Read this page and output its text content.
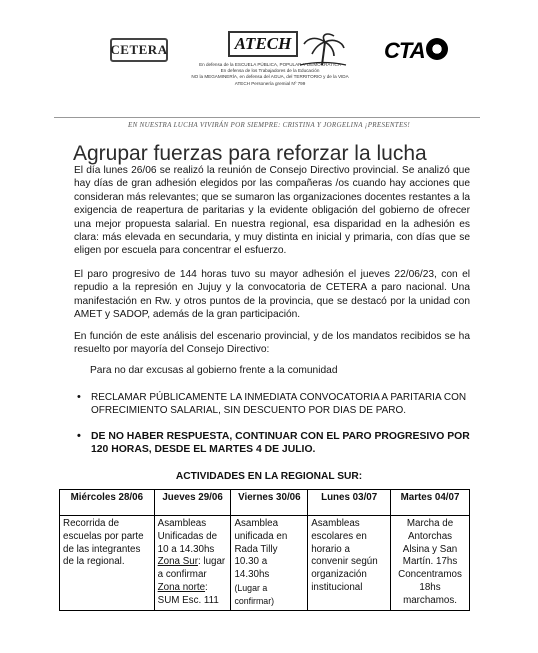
CETERA	ATECH	CTA
En defensa de la ESCUELA PÚBLICA, POPULAR Y DEMOCRÁTICA
En defensa de los Trabajadores de la Educación
NO la MEGAMINERÍA, en defensa del AGUA, del TERRITORIO y de la VIDA
ATECH Personería gremial Nº 799
EN NUESTRA LUCHA VIVIRÁN POR SIEMPRE: CRISTINA Y JORGELINA ¡PRESENTES!
Agrupar fuerzas para reforzar la lucha

El día lunes 26/06 se realizó la reunión de Consejo Directivo provincial. Se analizó que hay días de gran adhesión elegidos por las compañeras /os cuando hay acciones que consideran más relevantes; que se sumaron las organizaciones docentes restantes a la exigencia de reapertura de paritarias y la evidente obligación del gobierno de ofrecer una mejor propuesta salarial. En nuestra regional, esa disparidad en la adhesión es clara: más elevada en secundaria, y muy distinta en inicial y primaria, con días que se eligen por escuela para concentrar el esfuerzo.

El paro progresivo de 144 horas tuvo su mayor adhesión el jueves 22/06/23, con el repudio a la represión en Jujuy y la convocatoria de CETERA a paro nacional. Una manifestación en Rw. y otros puntos de la provincia, que se destacó por la unidad con AMET y SADOP, además de la gran participación.

En función de este análisis del escenario provincial, y de los mandatos recibidos se ha resuelto por mayoría del Consejo Directivo:

Para no dar excusas al gobierno frente a la comunidad

• RECLAMAR PÚBLICAMENTE LA INMEDIATA CONVOCATORIA A PARITARIA CON OFRECIMIENTO SALARIAL, SIN DESCUENTO POR DIAS DE PARO.
• DE NO HABER RESPUESTA, CONTINUAR CON EL PARO PROGRESIVO POR 120 HORAS, DESDE EL MARTES 4 DE JULIO.
ACTIVIDADES EN LA REGIONAL SUR:
Miércoles 28/06	Jueves 29/06	Viernes 30/06	Lunes 03/07	Martes 04/07
Recorrida de escuelas por parte de las integrantes de la regional.	Asambleas
Unificadas de
10 a 14.30hs
Zona Sur: lugar a confirmar
Zona norte: SUM Esc. 111	Asamblea unificada en Rada Tilly 10.30 a 14.30hs
(Lugar a confirmar)	Asambleas escolares en horario a convenir según organización institucional	Marcha de Antorchas Alsina y San Martín. 17hs Concentramos 18hs marchamos.
